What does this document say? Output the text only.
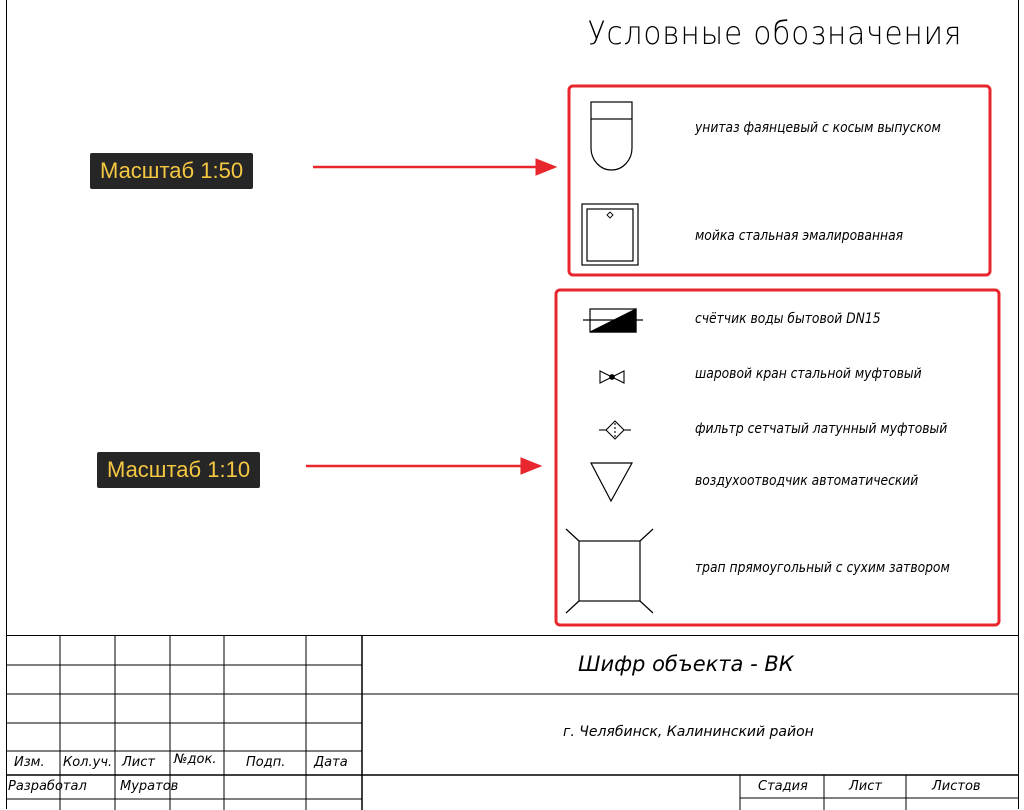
Условные обозначения
унитаз фаянцевый с косым выпуском
мойка стальная эмалированная
счётчик воды бытовой DN15
шаровой кран стальной муфтовый
фильтр сетчатый латунный муфтовый
воздухоотводчик автоматический
трап прямоугольный с сухим затвором
Масштаб 1:50
Масштаб 1:10
Шифр объекта - ВК
г. Челябинск, Калининский район
Изм. Кол.уч. Лист №док. Подп. Дата
Разработал	Муратов	Стадия	Лист	Листов
